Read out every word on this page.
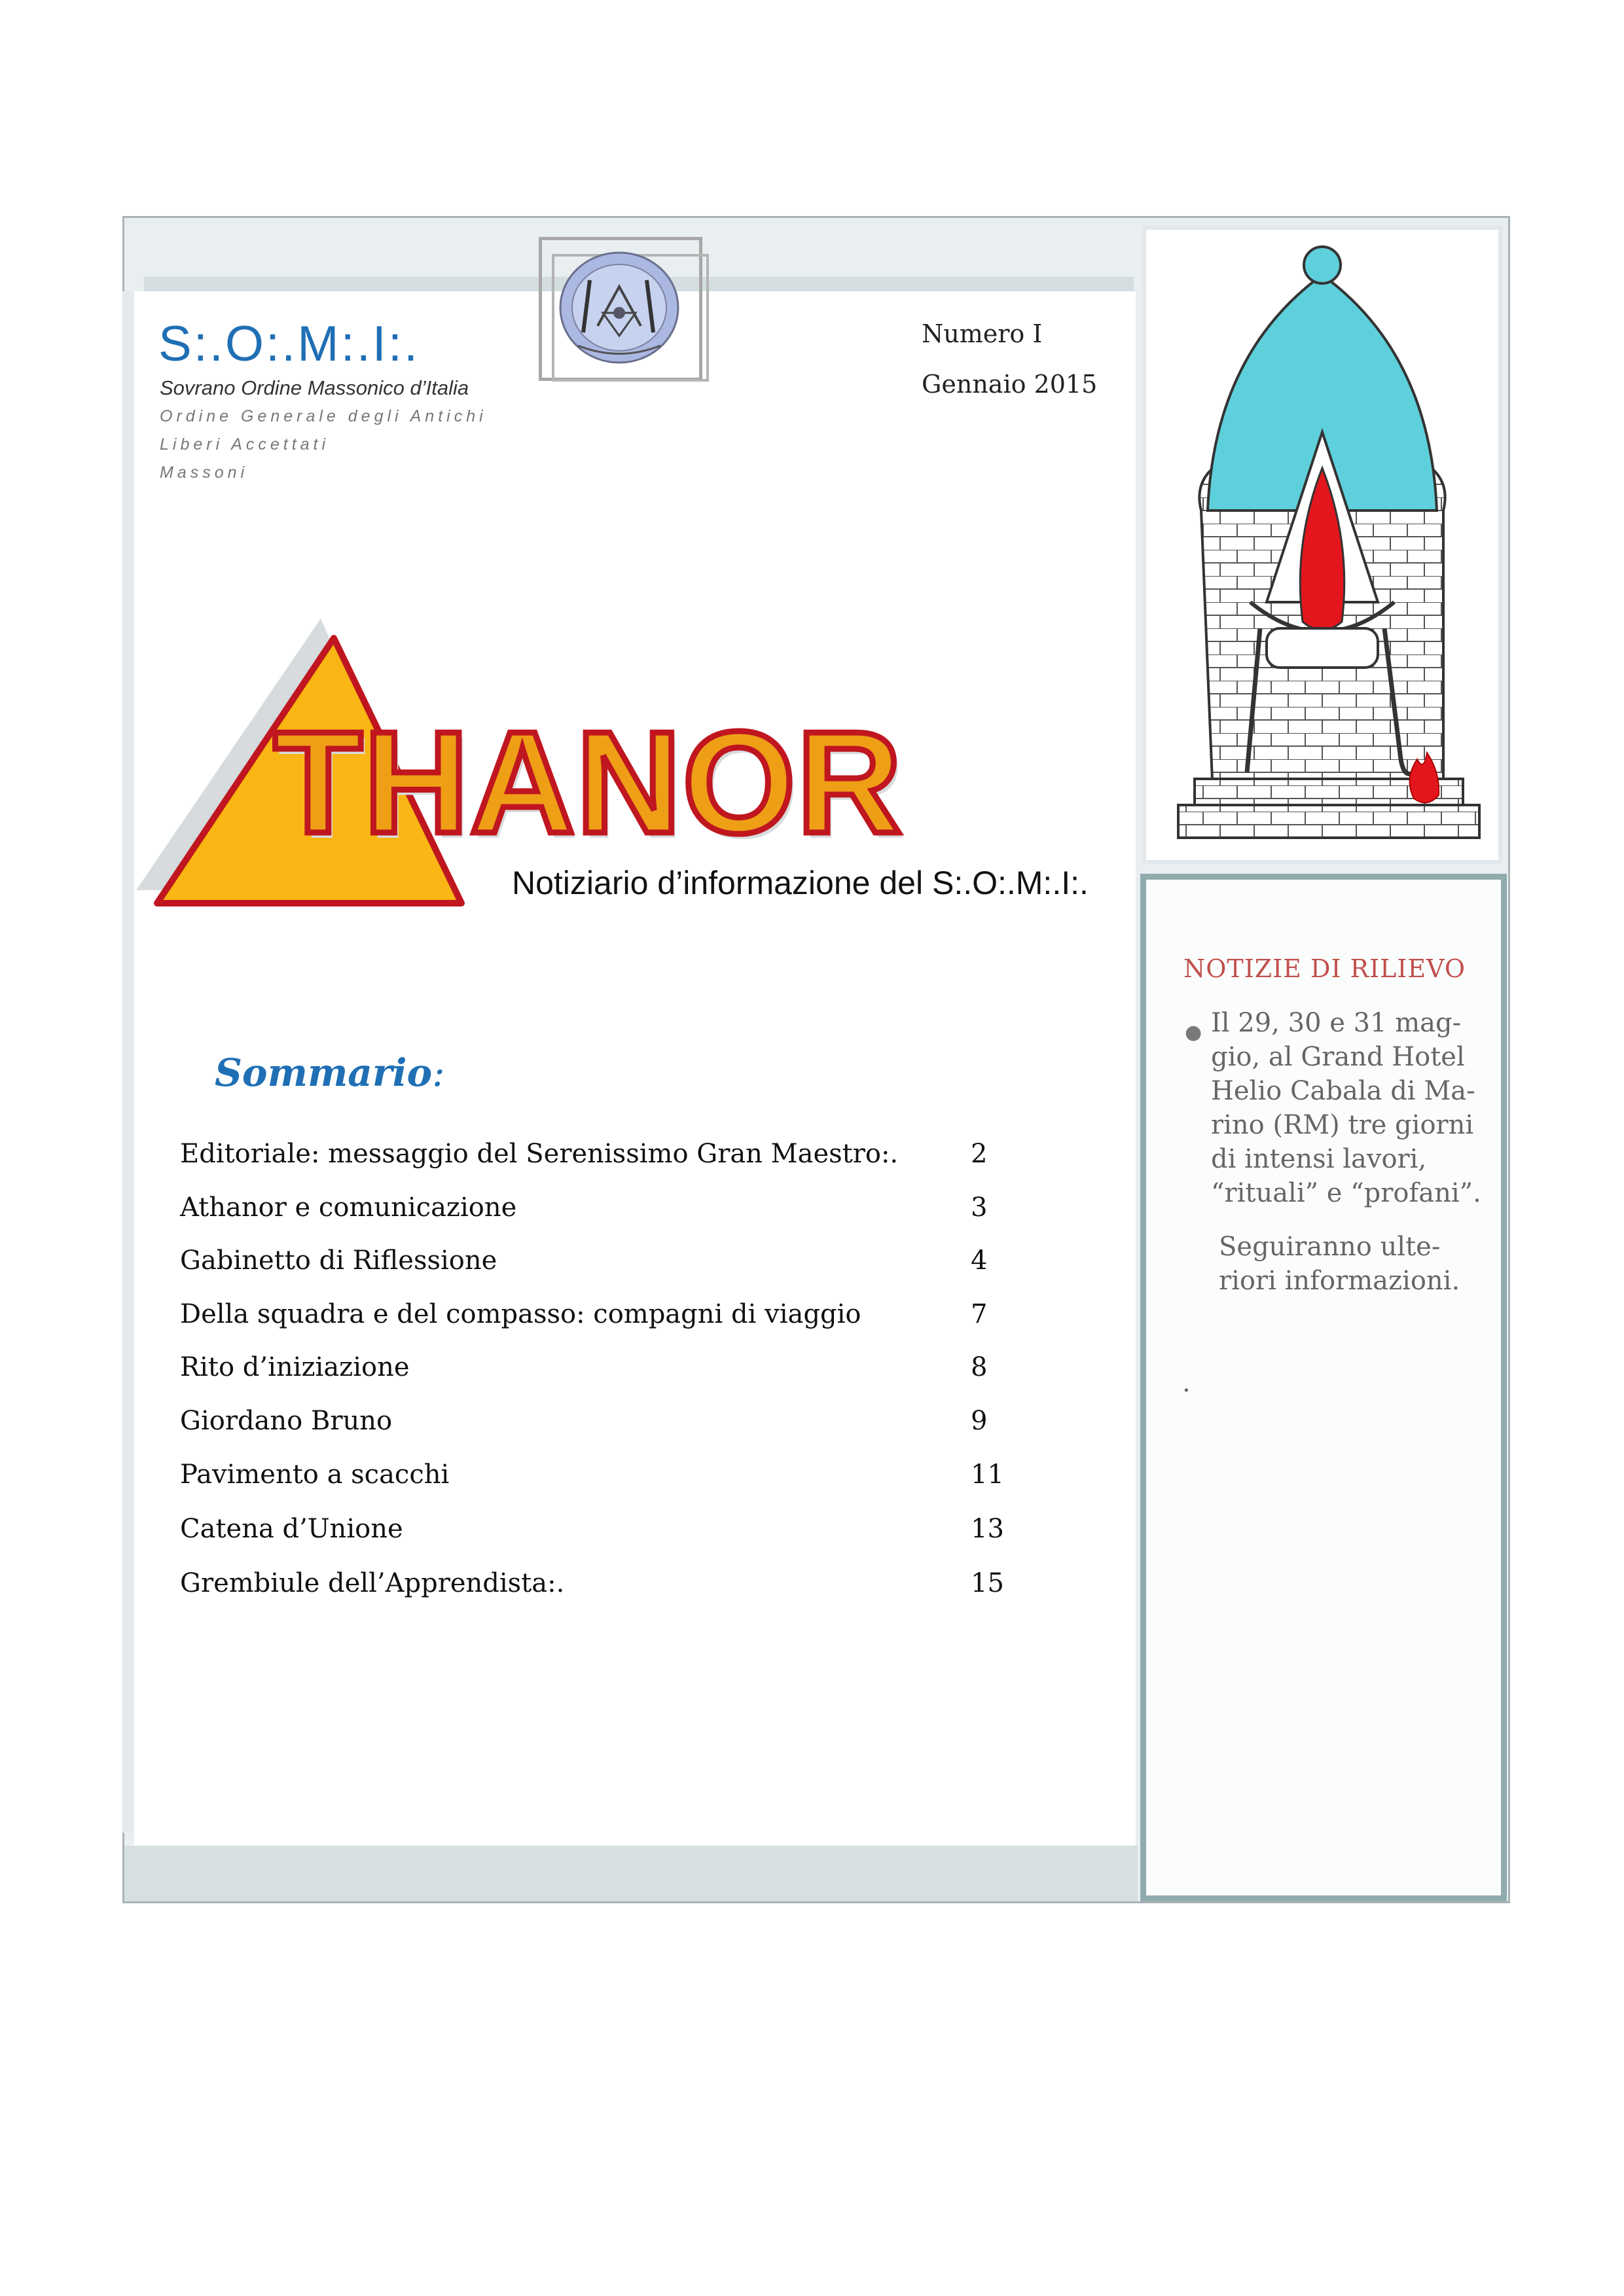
S:.O:.M:.I:.
Sovrano Ordine Massonico d’Italia
Ordine Generale degli Antichi
Liberi Accettati
Massoni
Numero I
Gennaio 2015
THANOR
Notiziario d’informazione del S:.O:.M:.I:.
Sommario:
Editoriale: messaggio del Serenissimo Gran Maestro:.	2
Athanor e comunicazione	3
Gabinetto di Riflessione	4
Della squadra e del compasso: compagni di viaggio	7
Rito d’iniziazione	8
Giordano Bruno	9
Pavimento a scacchi	11
Catena d’Unione	13
Grembiule dell’Apprendista:.	15
NOTIZIE DI RILIEVO
● Il 29, 30 e 31 mag-
gio, al Grand Hotel
Helio Cabala di Ma-
rino (RM) tre giorni
di intensi lavori,
“rituali” e “profani”.
Seguiranno ulte-
riori informazioni.
.
